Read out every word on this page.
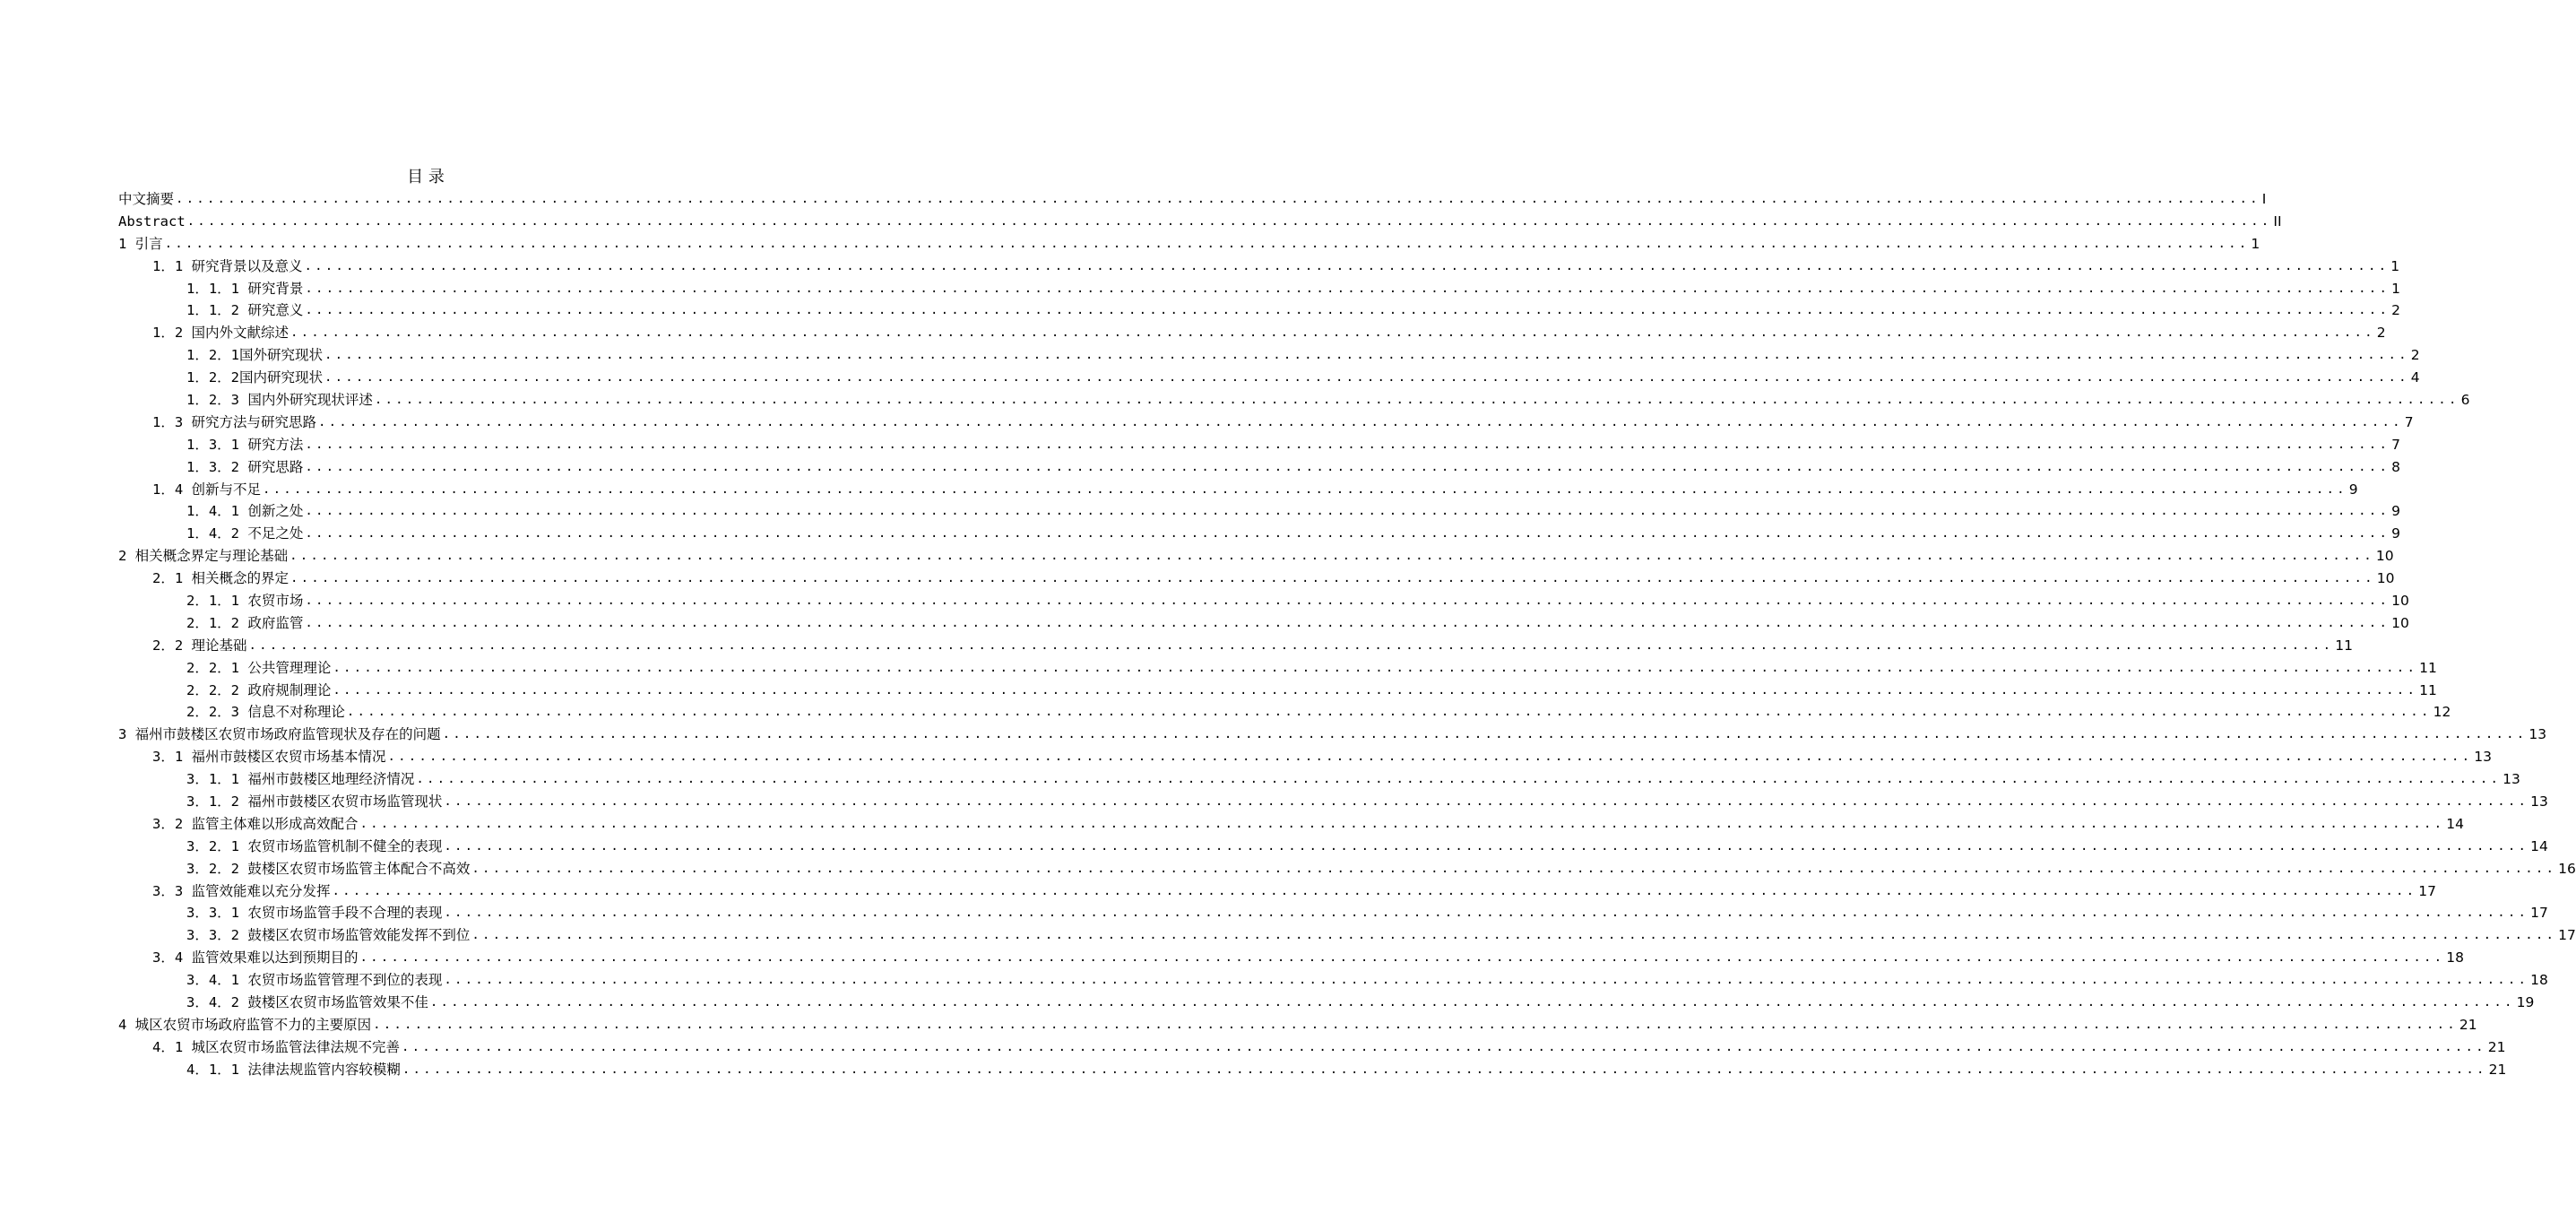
目 录
中文摘要 ........................................................................................................................................................................................................ I
Abstract ........................................................................................................................................................................................................ II
1 引言 ........................................................................................................................................................................................................ 1
1．1 研究背景以及意义 ........................................................................................................................................................................................................ 1
1．1．1 研究背景 ........................................................................................................................................................................................................ 1
1．1．2 研究意义 ........................................................................................................................................................................................................ 2
1．2 国内外文献综述 ........................................................................................................................................................................................................ 2
1．2．1国外研究现状 ........................................................................................................................................................................................................ 2
1．2．2国内研究现状 ........................................................................................................................................................................................................ 4
1．2．3 国内外研究现状评述 ........................................................................................................................................................................................................ 6
1．3 研究方法与研究思路 ........................................................................................................................................................................................................ 7
1．3．1 研究方法 ........................................................................................................................................................................................................ 7
1．3．2 研究思路 ........................................................................................................................................................................................................ 8
1．4 创新与不足 ........................................................................................................................................................................................................ 9
1．4．1 创新之处 ........................................................................................................................................................................................................ 9
1．4．2 不足之处 ........................................................................................................................................................................................................ 9
2 相关概念界定与理论基础 ........................................................................................................................................................................................................ 10
2．1 相关概念的界定 ........................................................................................................................................................................................................ 10
2．1．1 农贸市场 ........................................................................................................................................................................................................ 10
2．1．2 政府监管 ........................................................................................................................................................................................................ 10
2．2 理论基础 ........................................................................................................................................................................................................ 11
2．2．1 公共管理理论 ........................................................................................................................................................................................................ 11
2．2．2 政府规制理论 ........................................................................................................................................................................................................ 11
2．2．3 信息不对称理论 ........................................................................................................................................................................................................ 12
3 福州市鼓楼区农贸市场政府监管现状及存在的问题 ........................................................................................................................................................................................................ 13
3．1 福州市鼓楼区农贸市场基本情况 ........................................................................................................................................................................................................ 13
3．1．1 福州市鼓楼区地理经济情况 ........................................................................................................................................................................................................ 13
3．1．2 福州市鼓楼区农贸市场监管现状 ........................................................................................................................................................................................................ 13
3．2 监管主体难以形成高效配合 ........................................................................................................................................................................................................ 14
3．2．1 农贸市场监管机制不健全的表现 ........................................................................................................................................................................................................ 14
3．2．2 鼓楼区农贸市场监管主体配合不高效 ........................................................................................................................................................................................................ 16
3．3 监管效能难以充分发挥 ........................................................................................................................................................................................................ 17
3．3．1 农贸市场监管手段不合理的表现 ........................................................................................................................................................................................................ 17
3．3．2 鼓楼区农贸市场监管效能发挥不到位 ........................................................................................................................................................................................................ 17
3．4 监管效果难以达到预期目的 ........................................................................................................................................................................................................ 18
3．4．1 农贸市场监管管理不到位的表现 ........................................................................................................................................................................................................ 18
3．4．2 鼓楼区农贸市场监管效果不佳 ........................................................................................................................................................................................................ 19
4 城区农贸市场政府监管不力的主要原因 ........................................................................................................................................................................................................ 21
4．1 城区农贸市场监管法律法规不完善 ........................................................................................................................................................................................................ 21
4．1．1 法律法规监管内容较模糊 ........................................................................................................................................................................................................ 21
